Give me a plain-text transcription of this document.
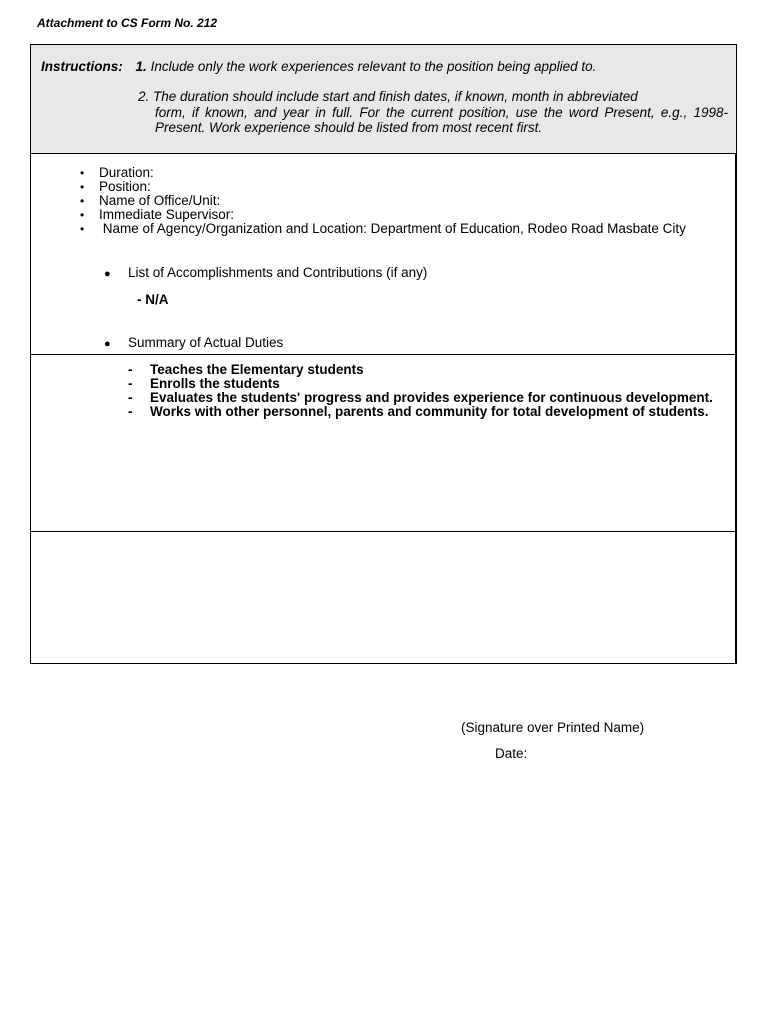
Attachment to CS Form No. 212
Instructions: 1. Include only the work experiences relevant to the position being applied to.
2. The duration should include start and finish dates, if known, month in abbreviated
form, if known, and year in full. For the current position, use the word Present, e.g., 1998-Present. Work experience should be listed from most recent first.
• Duration:
• Position:
• Name of Office/Unit:
• Immediate Supervisor:
•  Name of Agency/Organization and Location: Department of Education, Rodeo Road Masbate City
● List of Accomplishments and Contributions (if any)
- N/A
● Summary of Actual Duties
- Teaches the Elementary students
- Enrolls the students
- Evaluates the students' progress and provides experience for continuous development.
- Works with other personnel, parents and community for total development of students.
(Signature over Printed Name)
Date:
